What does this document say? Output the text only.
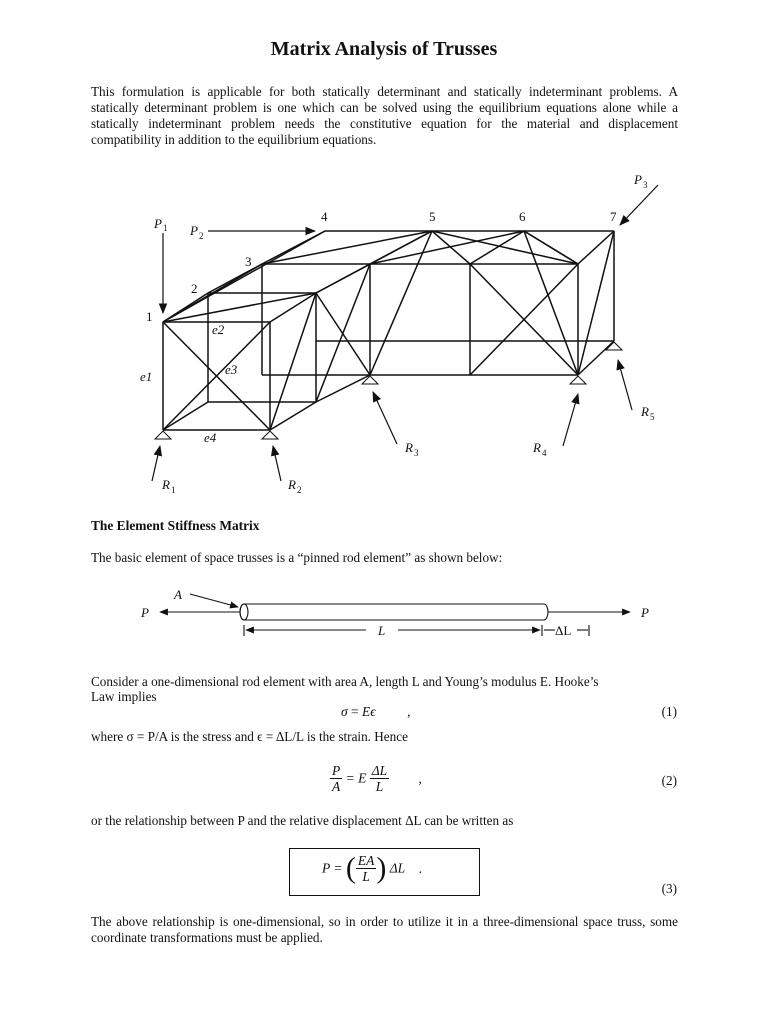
Matrix Analysis of Trusses
This formulation is applicable for both statically determinant and statically indeterminant problems. A statically determinant problem is one which can be solved using the equilibrium equations alone while a statically indeterminant problem needs the constitutive equation for the material and displacement compatibility in addition to the equilibrium equations.
1
2
3
4	5	6	7
e1
e2
e3
e4
P 1 P 2
P 3
R 1	R 2
R 3	R 4
R 5
The Element Stiffness Matrix
The basic element of space trusses is a “pinned rod element” as shown below:
A
P	P
L	ΔL
Consider a one-dimensional rod element with area A, length L and Young’s modulus E. Hooke’s
Law implies
σ = Eϵ ,	(1)
where σ = P/A is the stress and ϵ = ΔL/L is the strain. Hence
$\frac{P}{A} = E \frac{\Delta L}{L}$ ,	(2)
or the relationship between P and the relative displacement ΔL can be written as
P = ( $\frac{EA}{L}$ ) ΔL .
(3)
The above relationship is one-dimensional, so in order to utilize it in a three-dimensional space truss, some coordinate transformations must be applied.
